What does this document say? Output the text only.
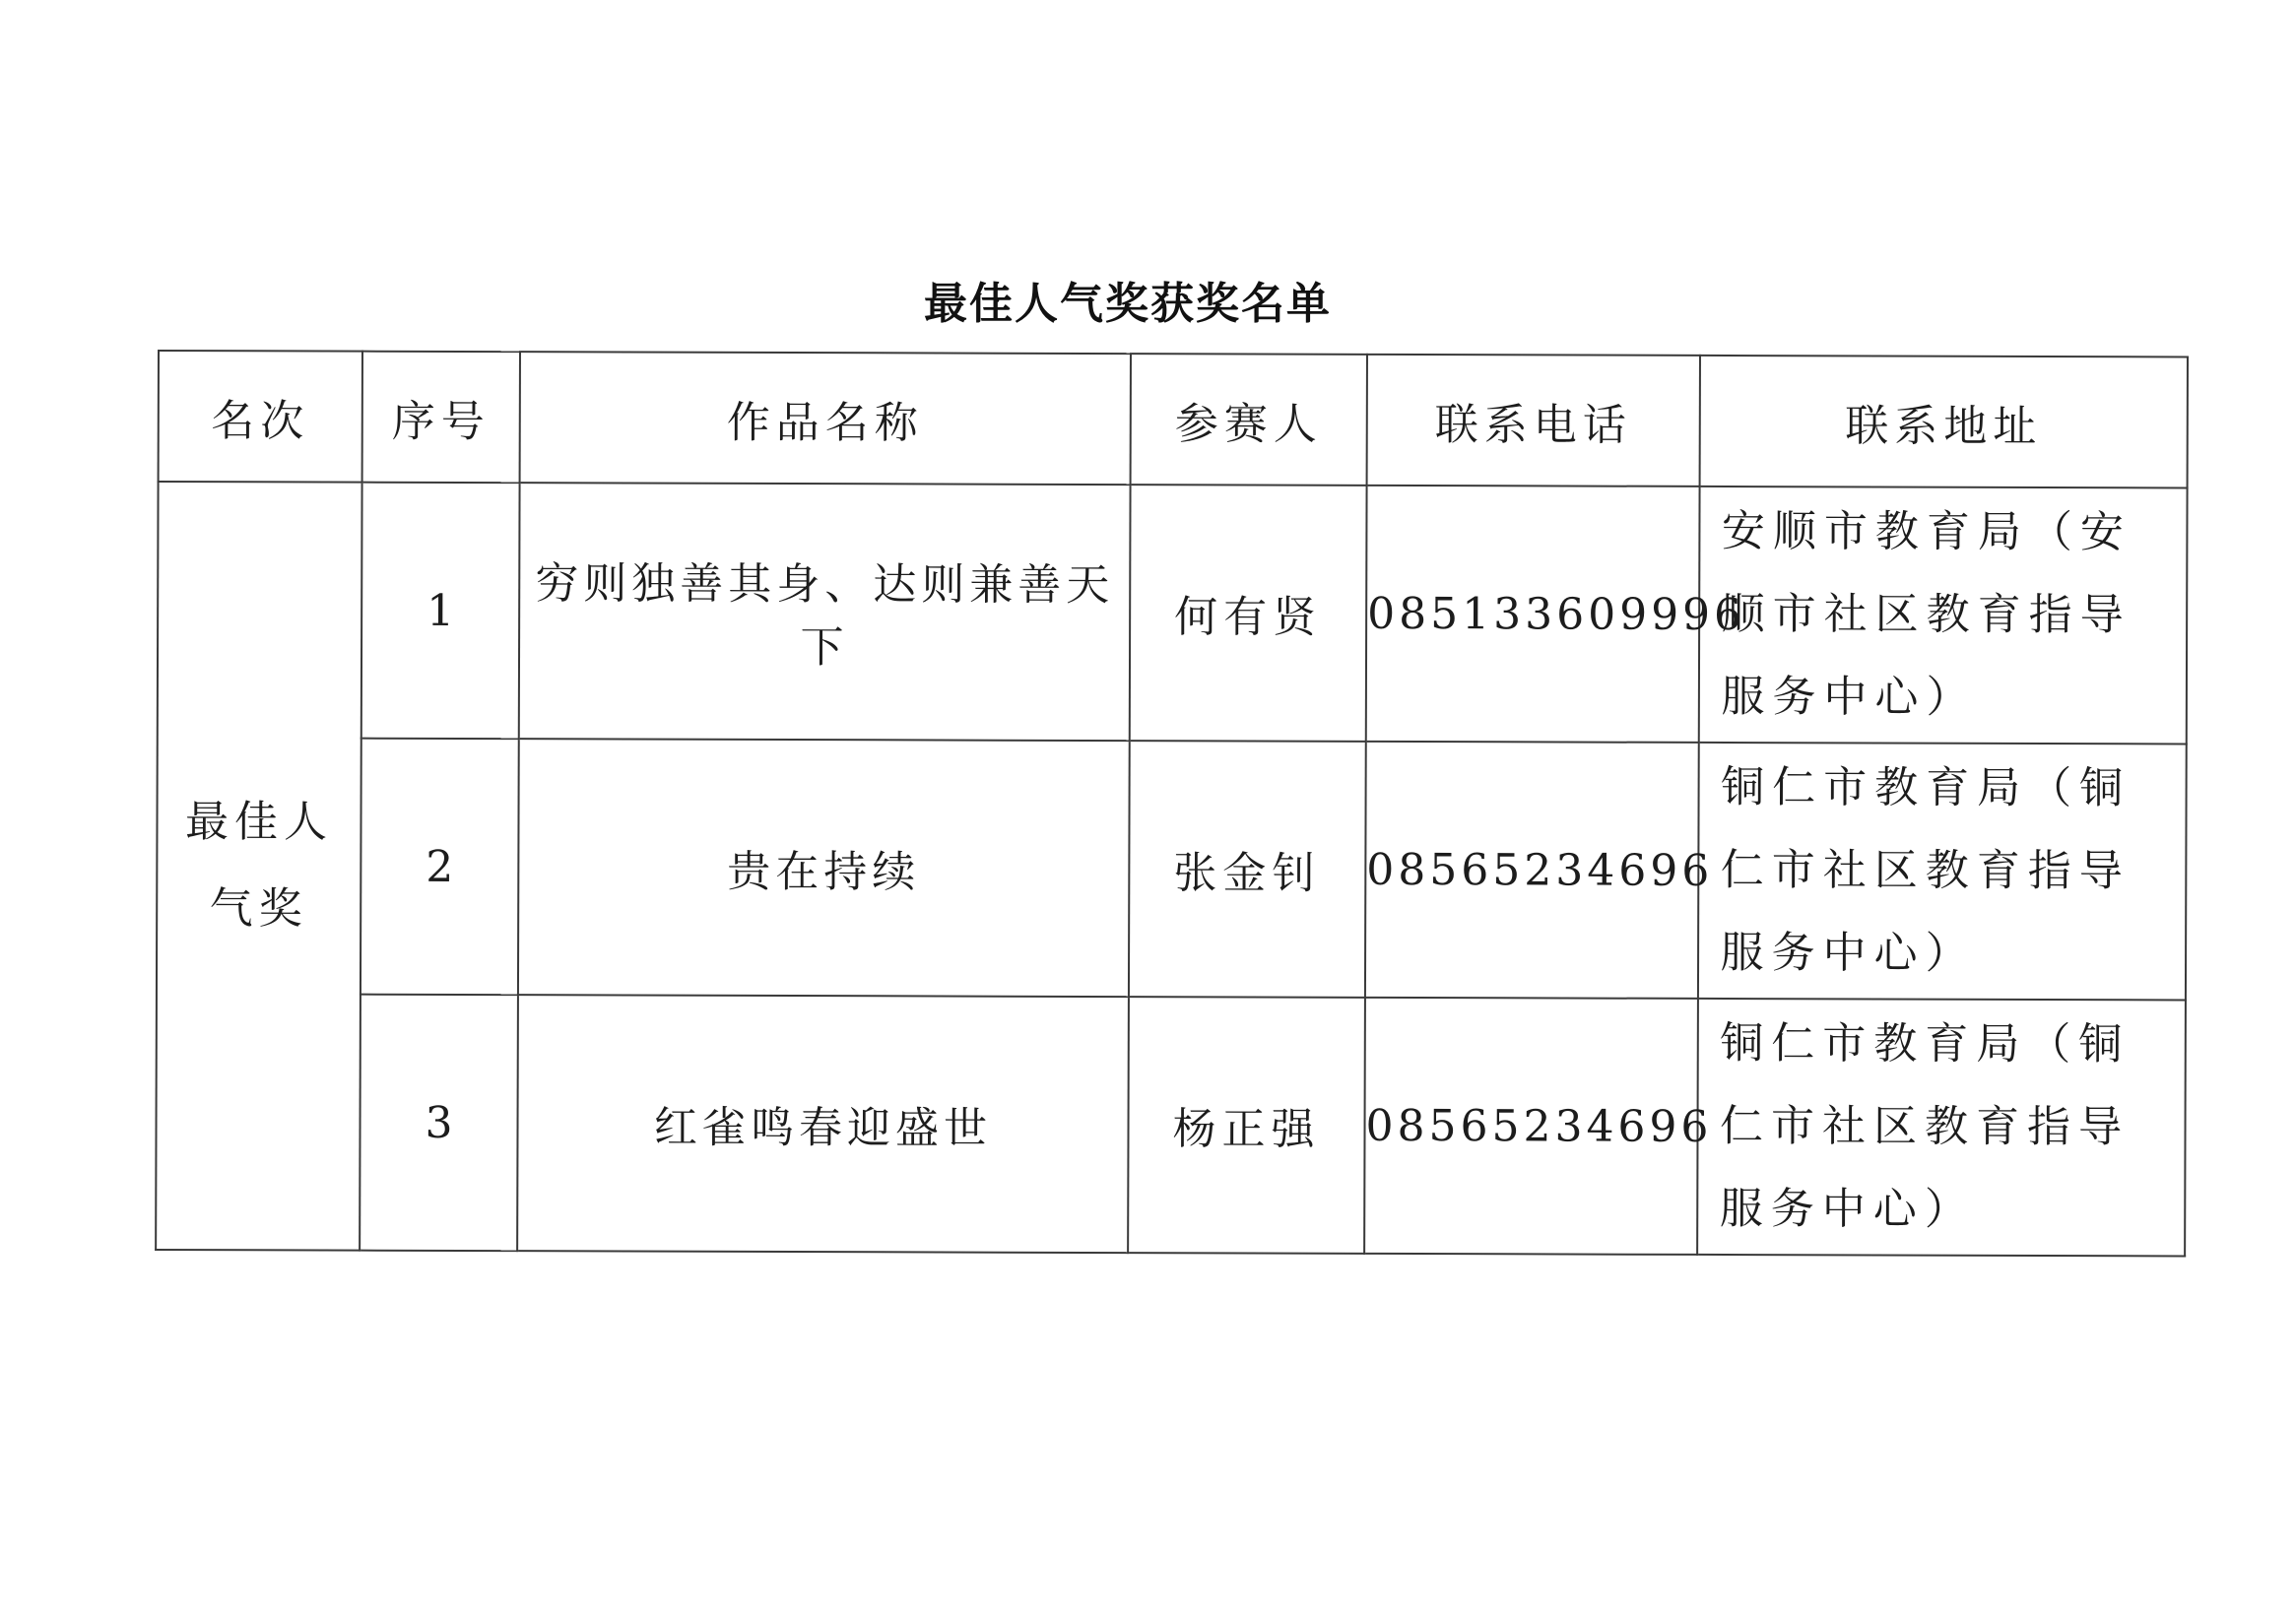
最佳人气奖获奖名单
名次	序号	作品名称	参赛人	联系电话	联系地址
最佳人气奖	1	穷则独善其身、达则兼善天下	何有贤	085133609996	安顺市教育局（安顺市社区教育指导服务中心）
	2	贵在持续	张金钊	08565234696	铜仁市教育局（铜仁市社区教育指导服务中心）
	3	红雀鸣春迎盛世	杨正强	08565234696	铜仁市教育局（铜仁市社区教育指导服务中心）
